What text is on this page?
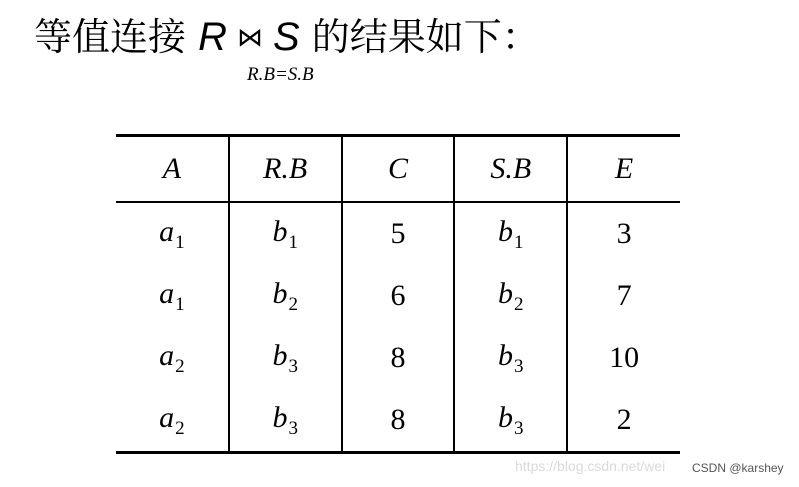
等值连接 R ⋈ S 的结果如下：
R.B=S.B
A	R.B	C	S.B	E
$a_1$	$b_1$	5	$b_1$	3
$a_1$	$b_2$	6	$b_2$	7
$a_2$	$b_3$	8	$b_3$	10
$a_2$	$b_3$	8	$b_3$	2
https://blog.csdn.net/wei CSDN @karshey
